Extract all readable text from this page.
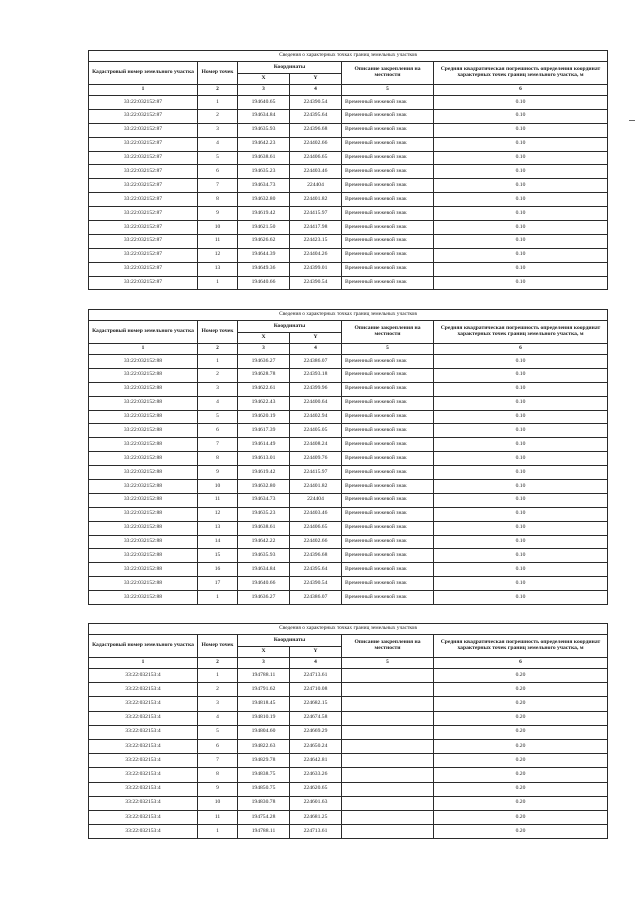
Сведения о характерных точках границ земельных участков					
Кадастровый номер земельного участка	Номер точек	Координаты		Описание закрепления на местности	Средняя квадратическая погрешность определения координат характерных точек границ земельного участка, м
		X	Y		
1	2	3	4	5	6
33:22:032152:87	1	194640.65	224390.54	Временный межевой знак	0.10
33:22:032152:87	2	194634.84	224395.64	Временный межевой знак	0.10
33:22:032152:87	3	194635.93	224396.68	Временный межевой знак	0.10
33:22:032152:87	4	194642.23	224402.66	Временный межевой знак	0.10
33:22:032152:87	5	194638.61	224406.65	Временный межевой знак	0.10
33:22:032152:87	6	194635.23	224403.46	Временный межевой знак	0.10
33:22:032152:87	7	194634.73	224404	Временный межевой знак	0.10
33:22:032152:87	8	194632.80	224401.82	Временный межевой знак	0.10
33:22:032152:87	9	194619.42	224415.97	Временный межевой знак	0.10
33:22:032152:87	10	194621.50	224417.98	Временный межевой знак	0.10
33:22:032152:87	11	194626.62	224423.15	Временный межевой знак	0.10
33:22:032152:87	12	194644.39	224404.26	Временный межевой знак	0.10
33:22:032152:87	13	194649.36	224399.01	Временный межевой знак	0.10
33:22:032152:87	1	194640.66	224390.54	Временный межевой знак	0.10
Сведения о характерных точках границ земельных участков					
Кадастровый номер земельного участка	Номер точек	Координаты		Описание закрепления на местности	Средняя квадратическая погрешность определения координат характерных точек границ земельного участка, м
		X	Y		
1	2	3	4	5	6
33:22:032152:88	1	194636.27	224386.07	Временный межевой знак	0.10
33:22:032152:88	2	194628.78	224393.18	Временный межевой знак	0.10
33:22:032152:88	3	194622.61	224399.96	Временный межевой знак	0.10
33:22:032152:88	4	194622.43	224400.64	Временный межевой знак	0.10
33:22:032152:88	5	194620.19	224402.94	Временный межевой знак	0.10
33:22:032152:88	6	194617.39	224405.05	Временный межевой знак	0.10
33:22:032152:88	7	194614.49	224408.24	Временный межевой знак	0.10
33:22:032152:88	8	194613.01	224409.76	Временный межевой знак	0.10
33:22:032152:88	9	194619.42	224415.97	Временный межевой знак	0.10
33:22:032152:88	10	194632.80	224401.82	Временный межевой знак	0.10
33:22:032152:88	11	194634.73	224404	Временный межевой знак	0.10
33:22:032152:88	12	194635.23	224403.46	Временный межевой знак	0.10
33:22:032152:88	13	194638.61	224406.65	Временный межевой знак	0.10
33:22:032152:88	14	194642.22	224402.66	Временный межевой знак	0.10
33:22:032152:88	15	194635.93	224396.68	Временный межевой знак	0.10
33:22:032152:88	16	194634.84	224395.64	Временный межевой знак	0.10
33:22:032152:88	17	194640.66	224390.54	Временный межевой знак	0.10
33:22:032152:88	1	194636.27	224386.07	Временный межевой знак	0.10
Сведения о характерных точках границ земельных участков					
Кадастровый номер земельного участка	Номер точек	Координаты		Описание закрепления на местности	Средняя квадратическая погрешность определения координат характерных точек границ земельного участка, м
		X	Y		
1	2	3	4	5	6
33:22:032153:4	1	194788.11	224713.61		0.20
33:22:032153:4	2	194791.62	224710.08		0.20
33:22:032153:4	3	194818.45	224682.15		0.20
33:22:032153:4	4	194810.19	224674.58		0.20
33:22:032153:4	5	194804.60	224669.29		0.20
33:22:032153:4	6	194822.63	224650.24		0.20
33:22:032153:4	7	194829.78	224642.81		0.20
33:22:032153:4	8	194838.75	224633.26		0.20
33:22:032153:4	9	194850.75	224620.65		0.20
33:22:032153:4	10	194830.78	224601.63		0.20
33:22:032153:4	11	194754.28	224681.25		0.20
33:22:032153:4	1	194788.11	224713.61		0.20
